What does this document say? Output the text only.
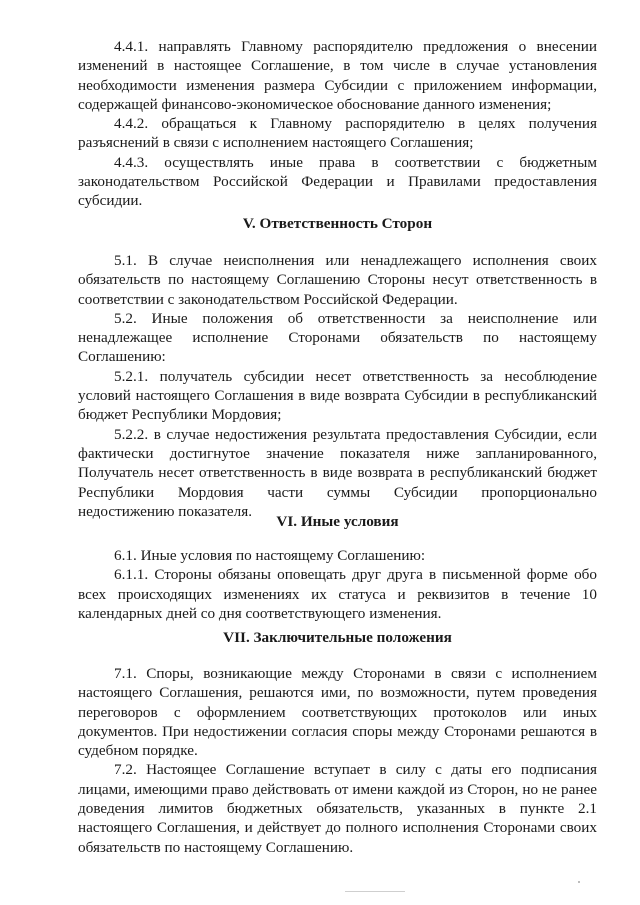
4.4.1. направлять Главному распорядителю предложения о внесении изменений в настоящее Соглашение, в том числе в случае установления необходимости изменения размера Субсидии с приложением информации, содержащей финансово-экономическое обоснование данного изменения;

4.4.2. обращаться к Главному распорядителю в целях получения разъяснений в связи с исполнением настоящего Соглашения;

4.4.3. осуществлять иные права в соответствии с бюджетным законодательством Российской Федерации и Правилами предоставления субсидии.

V. Ответственность Сторон

5.1. В случае неисполнения или ненадлежащего исполнения своих обязательств по настоящему Соглашению Стороны несут ответственность в соответствии с законодательством Российской Федерации.

5.2. Иные положения об ответственности за неисполнение или ненадлежащее исполнение Сторонами обязательств по настоящему Соглашению:

5.2.1. получатель субсидии несет ответственность за несоблюдение условий настоящего Соглашения в виде возврата Субсидии в республиканский бюджет Республики Мордовия;

5.2.2. в случае недостижения результата предоставления Субсидии, если фактически достигнутое значение показателя ниже запланированного, Получатель несет ответственность в виде возврата в республиканский бюджет Республики Мордовия части суммы Субсидии пропорционально недостижению показателя.

VI. Иные условия

6.1. Иные условия по настоящему Соглашению:

6.1.1. Стороны обязаны оповещать друг друга в письменной форме обо всех происходящих изменениях их статуса и реквизитов в течение 10 календарных дней со дня соответствующего изменения.

VII. Заключительные положения

7.1. Споры, возникающие между Сторонами в связи с исполнением настоящего Соглашения, решаются ими, по возможности, путем проведения переговоров с оформлением соответствующих протоколов или иных документов. При недостижении согласия споры между Сторонами решаются в судебном порядке.

7.2. Настоящее Соглашение вступает в силу с даты его подписания лицами, имеющими право действовать от имени каждой из Сторон, но не ранее доведения лимитов бюджетных обязательств, указанных в пункте 2.1 настоящего Соглашения, и действует до полного исполнения Сторонами своих обязательств по настоящему Соглашению.
